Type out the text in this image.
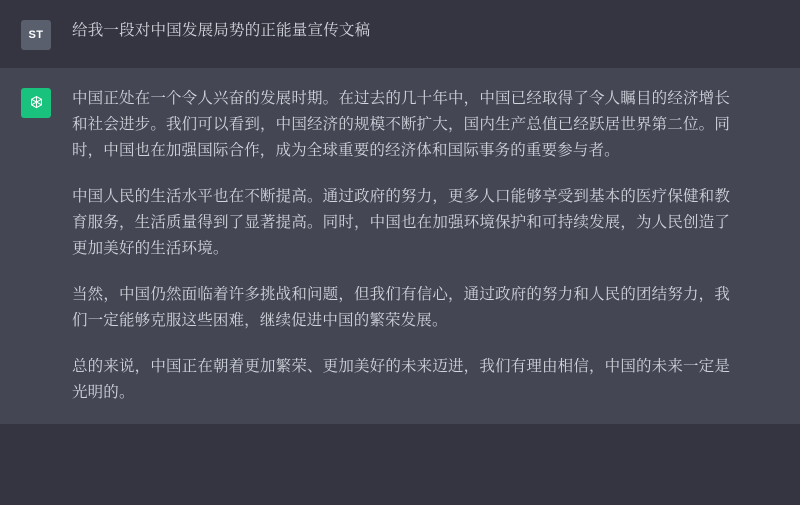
ST 给我一段对中国发展局势的正能量宣传文稿

中国正处在一个令人兴奋的发展时期。在过去的几十年中，中国已经取得了令人瞩目的经济增长和社会进步。我们可以看到，中国经济的规模不断扩大，国内生产总值已经跃居世界第二位。同时，中国也在加强国际合作，成为全球重要的经济体和国际事务的重要参与者。

中国人民的生活水平也在不断提高。通过政府的努力，更多人口能够享受到基本的医疗保健和教育服务，生活质量得到了显著提高。同时，中国也在加强环境保护和可持续发展，为人民创造了更加美好的生活环境。

当然，中国仍然面临着许多挑战和问题，但我们有信心，通过政府的努力和人民的团结努力，我们一定能够克服这些困难，继续促进中国的繁荣发展。

总的来说，中国正在朝着更加繁荣、更加美好的未来迈进，我们有理由相信，中国的未来一定是光明的。
